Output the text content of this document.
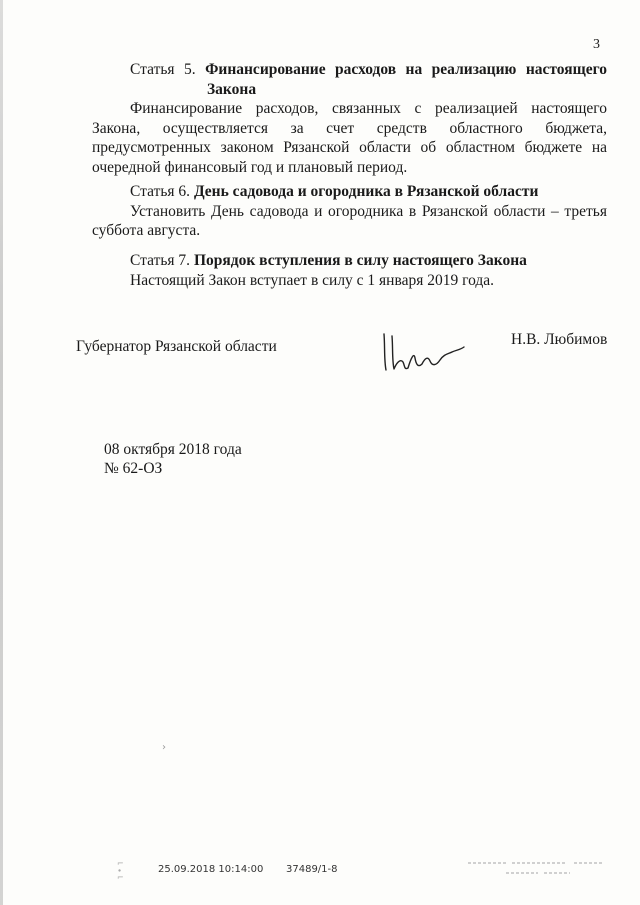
3
Статья 5. Финансирование расходов на реализацию настоящего
Закона
Финансирование расходов, связанных с реализацией настоящего Закона, осуществляется за счет средств областного бюджета, предусмотренных законом Рязанской области об областном бюджете на очередной финансовый год и плановый период.
Статья 6. День садовода и огородника в Рязанской области
Установить День садовода и огородника в Рязанской области – третья суббота августа.
Статья 7. Порядок вступления в силу настоящего Закона
Настоящий Закон вступает в силу с 1 января 2019 года.
Губернатор Рязанской области	Н.В. Любимов
08 октября 2018 года
№ 62-ОЗ
›
⌐
∙
⌐
25.09.2018 10:14:00 37489/1-8
